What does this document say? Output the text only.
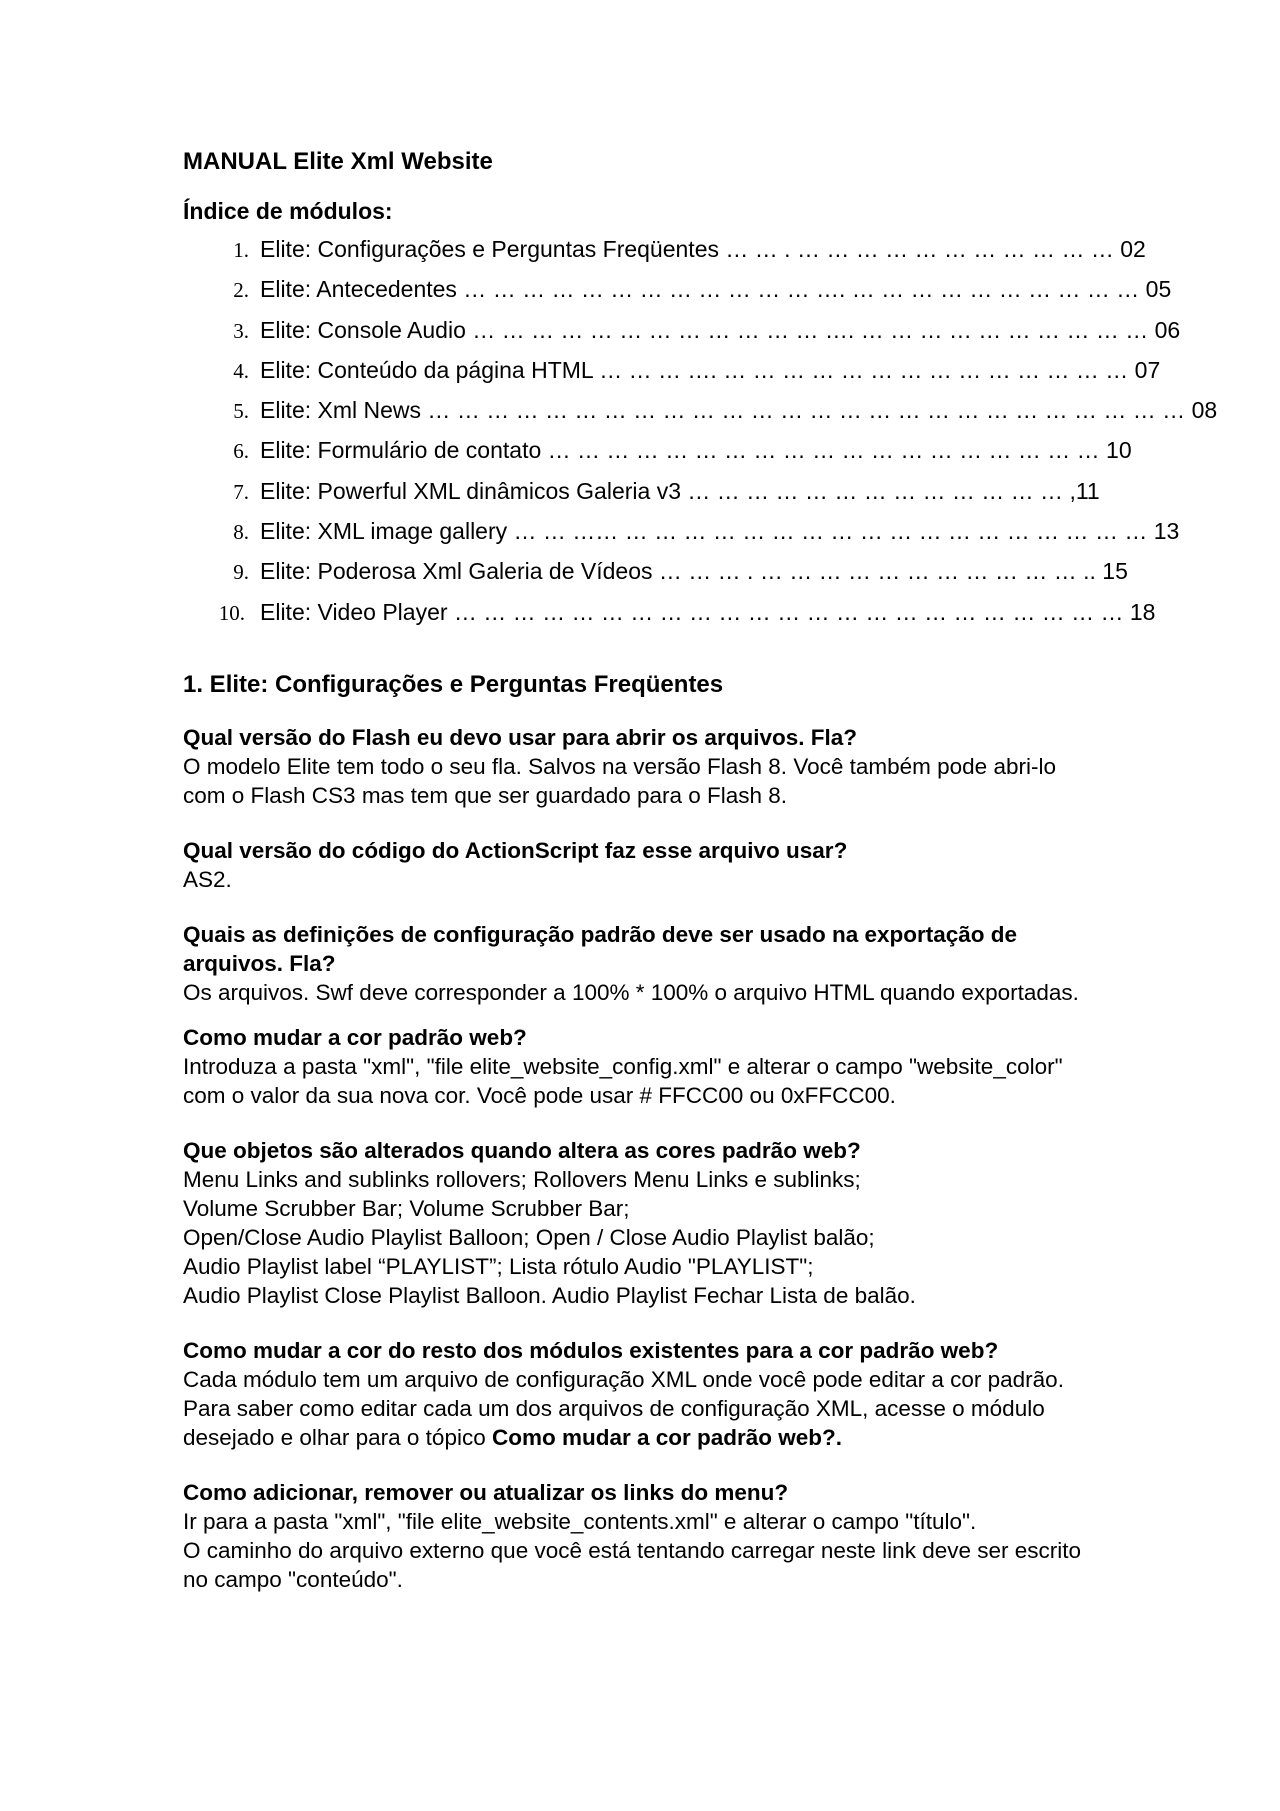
MANUAL Elite Xml Website
Índice de módulos:
1. Elite: Configurações e Perguntas Freqüentes … … . … … … … … … … … … … … 02
2. Elite: Antecedentes … … … … … … … … … … … … …. … … … … … … … … … … 05
3. Elite: Console Audio … … … … … … … … … … … … …. … … … … … … … … … … 06
4. Elite: Conteúdo da página HTML … … … …. … … … … … … … … … … … … … … 07
5. Elite: Xml News … … … … … … … … … … … … … … … … … … … … … … … … … … 08
6. Elite: Formulário de contato … … … … … … … … … … … … … … … … … … … 10
7. Elite: Powerful XML dinâmicos Galeria v3 … … … … … … … … … … … … … ,11
8. Elite: XML image gallery … … …… … … … … … … … … … … … … … … … … … … 13
9. Elite: Poderosa Xml Galeria de Vídeos … … … . … … … … … … … … … … … .. 15
10. Elite: Video Player … … … … … … … … … … … … … … … … … … … … … … … 18
1. Elite: Configurações e Perguntas Freqüentes

Qual versão do Flash eu devo usar para abrir os arquivos. Fla?

O modelo Elite tem todo o seu fla. Salvos na versão Flash 8. Você também pode abri-lo com o Flash CS3 mas tem que ser guardado para o Flash 8.

Qual versão do código do ActionScript faz esse arquivo usar?

AS2.

Quais as definições de configuração padrão deve ser usado na exportação de arquivos. Fla?

Os arquivos. Swf deve corresponder a 100% * 100% o arquivo HTML quando exportadas.

Como mudar a cor padrão web?

Introduza a pasta "xml", "file elite_website_config.xml" e alterar o campo "website_color" com o valor da sua nova cor. Você pode usar # FFCC00 ou 0xFFCC00.

Que objetos são alterados quando altera as cores padrão web?

Menu Links and sublinks rollovers; Rollovers Menu Links e sublinks;

Volume Scrubber Bar; Volume Scrubber Bar;

Open/Close Audio Playlist Balloon; Open / Close Audio Playlist balão;

Audio Playlist label “PLAYLIST”; Lista rótulo Audio "PLAYLIST";

Audio Playlist Close Playlist Balloon. Audio Playlist Fechar Lista de balão.

Como mudar a cor do resto dos módulos existentes para a cor padrão web?

Cada módulo tem um arquivo de configuração XML onde você pode editar a cor padrão. Para saber como editar cada um dos arquivos de configuração XML, acesse o módulo desejado e olhar para o tópico Como mudar a cor padrão web?.

Como adicionar, remover ou atualizar os links do menu?

Ir para a pasta "xml", "file elite_website_contents.xml" e alterar o campo "título".

O caminho do arquivo externo que você está tentando carregar neste link deve ser escrito no campo "conteúdo".
